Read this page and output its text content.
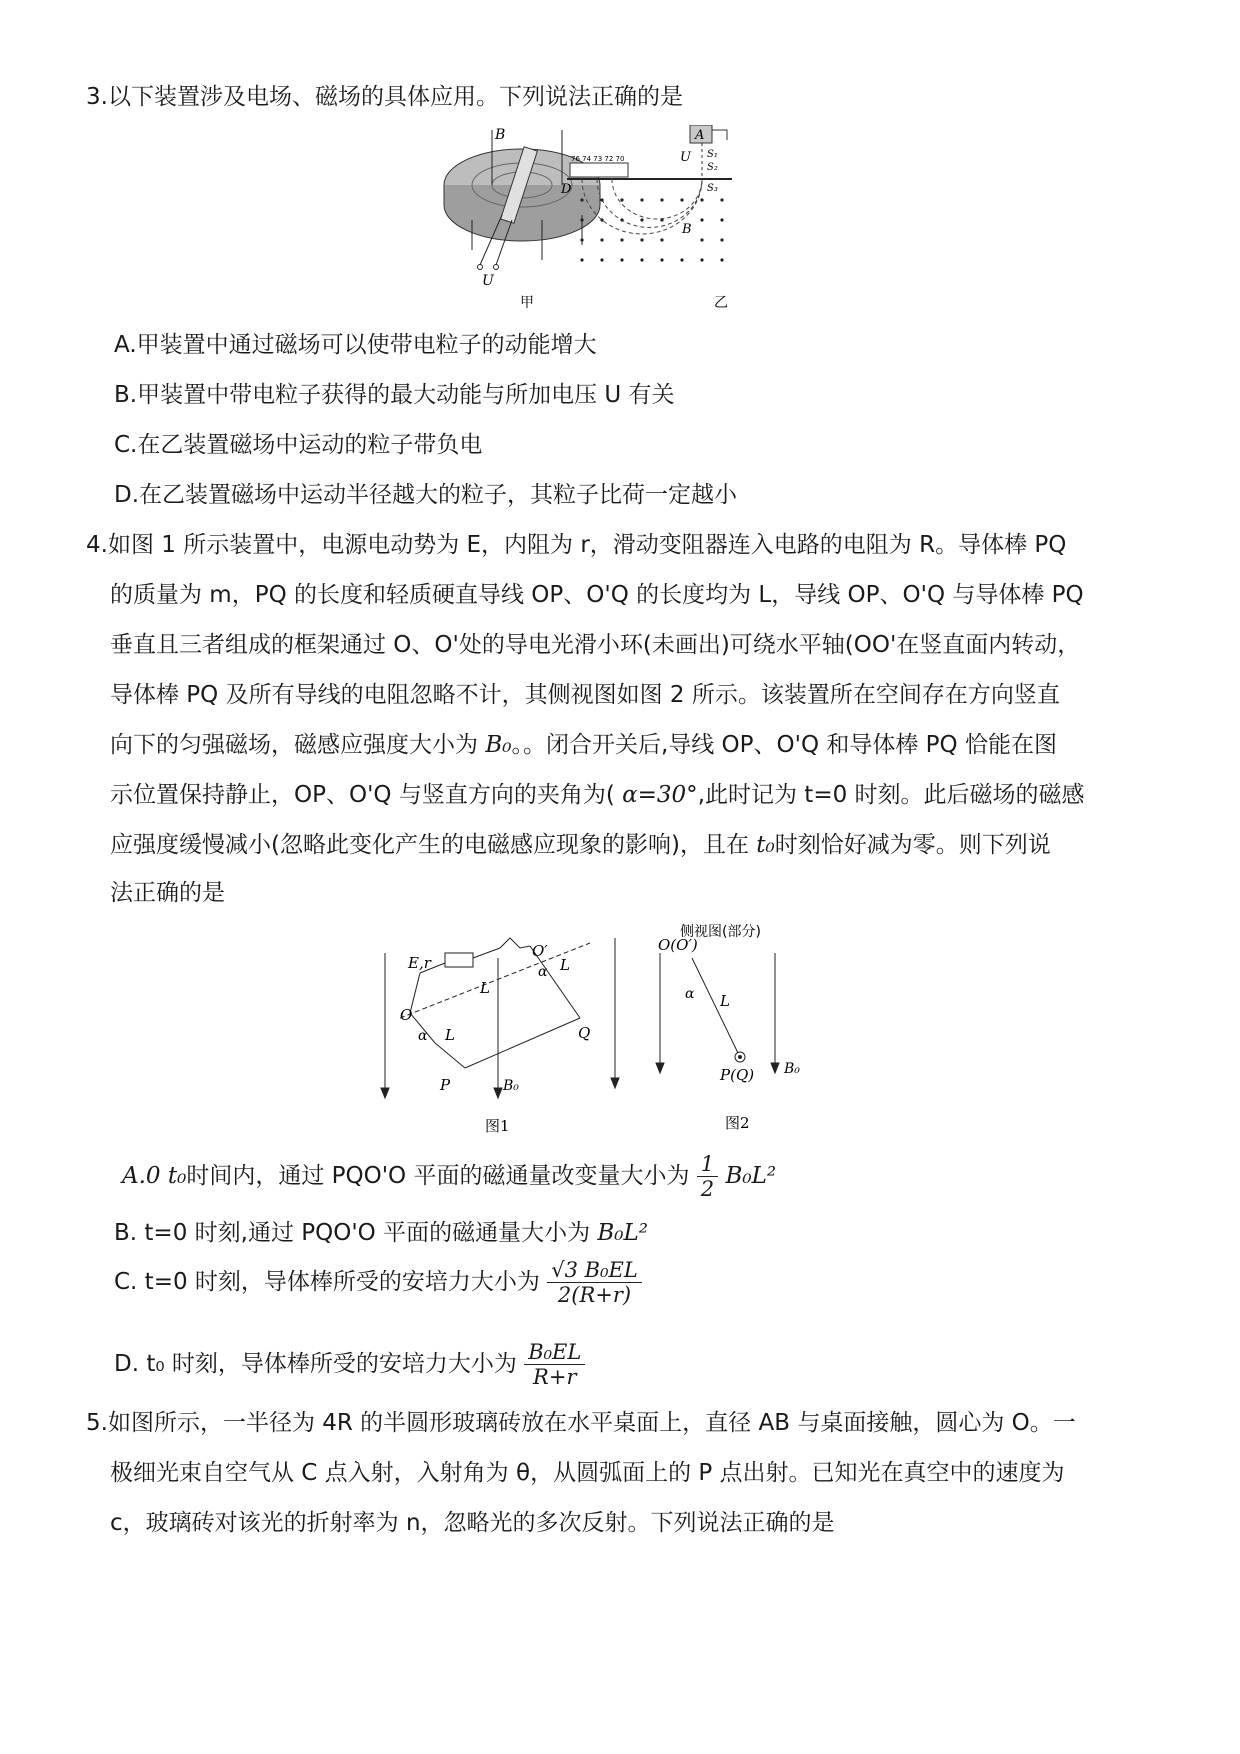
3.以下装置涉及电场、磁场的具体应用。下列说法正确的是
B
U
甲
A
U S₁
S₂
S₃
76 74 73 72 70
D
B
乙
A.甲装置中通过磁场可以使带电粒子的动能增大
B.甲装置中带电粒子获得的最大动能与所加电压 U 有关
C.在乙装置磁场中运动的粒子带负电
D.在乙装置磁场中运动半径越大的粒子，其粒子比荷一定越小
4.如图 1 所示装置中，电源电动势为 E，内阻为 r，滑动变阻器连入电路的电阻为 R。导体棒 PQ
的质量为 m，PQ 的长度和轻质硬直导线 OP、O'Q 的长度均为 L，导线 OP、O'Q 与导体棒 PQ
垂直且三者组成的框架通过 O、O'处的导电光滑小环(未画出)可绕水平轴(OO'在竖直面内转动，
导体棒 PQ 及所有导线的电阻忽略不计，其侧视图如图 2 所示。该装置所在空间存在方向竖直
向下的匀强磁场，磁感应强度大小为 B₀。。闭合开关后,导线 OP、O'Q 和导体棒 PQ 恰能在图
示位置保持静止，OP、O'Q 与竖直方向的夹角为( α=30°,此时记为 t=0 时刻。此后磁场的磁感
应强度缓慢减小(忽略此变化产生的电磁感应现象的影响)，且在 t₀时刻恰好减为零。则下列说
法正确的是
E,r
O
O′
L
L
L
α
α
P
Q
B₀
图1
侧视图(部分)
O(O′)
α L
P(Q) B₀
图2
A.0 t₀时间内，通过 PQO'O 平面的磁通量改变量大小为 $\frac{1}{2} B_0L^2$
B. t=0 时刻,通过 PQO'O 平面的磁通量大小为 B₀L²
C. t=0 时刻，导体棒所受的安培力大小为 $\frac{\text{√3 B₀EL}}{2(R+r)}$
D. t₀ 时刻，导体棒所受的安培力大小为 $\frac{\text{B₀EL}}{R+r}$
5.如图所示，一半径为 4R 的半圆形玻璃砖放在水平桌面上，直径 AB 与桌面接触，圆心为 O。一
极细光束自空气从 C 点入射，入射角为 θ，从圆弧面上的 P 点出射。已知光在真空中的速度为
c，玻璃砖对该光的折射率为 n，忽略光的多次反射。下列说法正确的是
